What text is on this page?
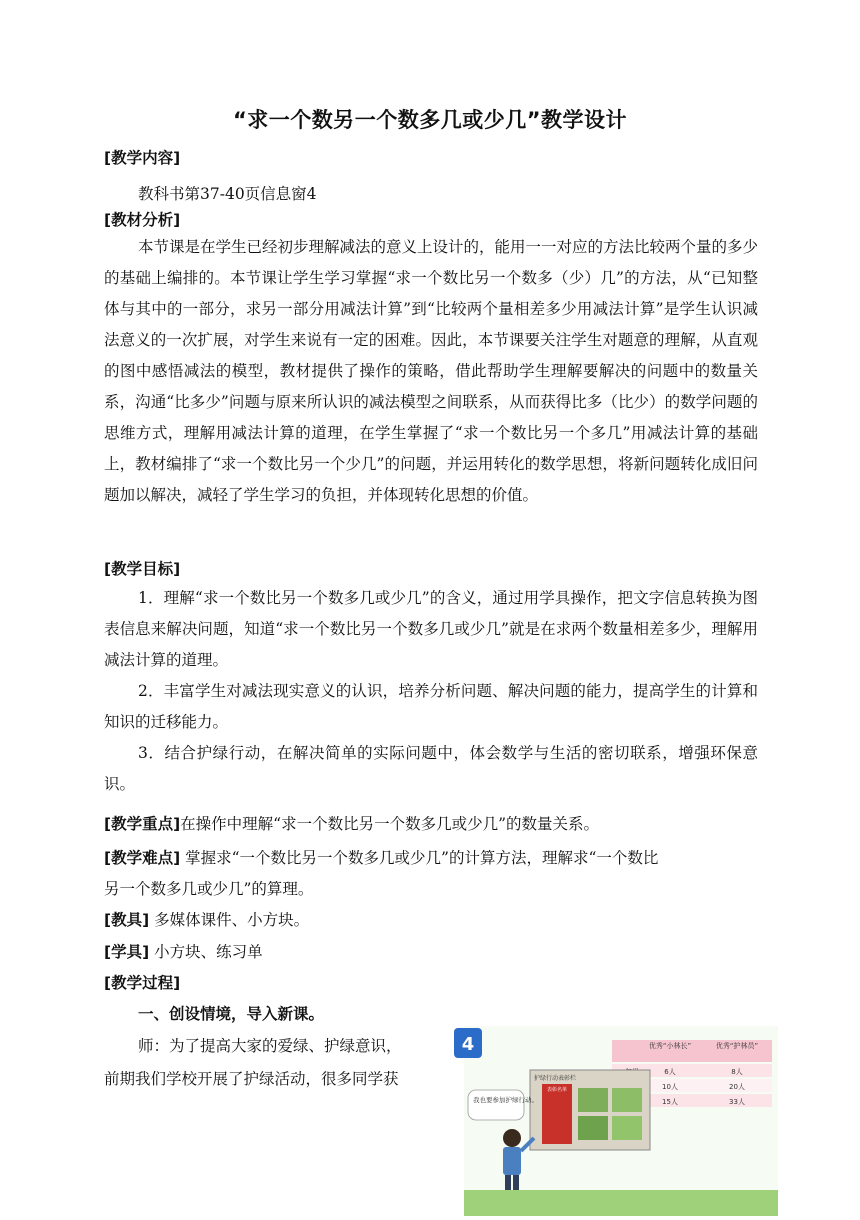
“求一个数另一个数多几或少几”教学设计
[教学内容]
教科书第37-40页信息窗4
[教材分析]
本节课是在学生已经初步理解减法的意义上设计的，能用一一对应的方法比较两个量的多少的基础上编排的。本节课让学生学习掌握“求一个数比另一个数多（少）几”的方法，从“已知整体与其中的一部分，求另一部分用减法计算”到“比较两个量相差多少用减法计算”是学生认识减法意义的一次扩展，对学生来说有一定的困难。因此，本节课要关注学生对题意的理解，从直观的图中感悟减法的模型，教材提供了操作的策略，借此帮助学生理解要解决的问题中的数量关系，沟通“比多少”问题与原来所认识的减法模型之间联系，从而获得比多（比少）的数学问题的思维方式，理解用减法计算的道理，在学生掌握了“求一个数比另一个多几”用减法计算的基础上，教材编排了“求一个数比另一个少几”的问题，并运用转化的数学思想，将新问题转化成旧问题加以解决，减轻了学生学习的负担，并体现转化思想的价值。
[教学目标]
1．理解“求一个数比另一个数多几或少几”的含义，通过用学具操作，把文字信息转换为图表信息来解决问题，知道“求一个数比另一个数多几或少几”就是在求两个数量相差多少，理解用减法计算的道理。
2．丰富学生对减法现实意义的认识，培养分析问题、解决问题的能力，提高学生的计算和知识的迁移能力。
3．结合护绿行动，在解决简单的实际问题中，体会数学与生活的密切联系，增强环保意识。
[教学重点]在操作中理解“求一个数比另一个数多几或少几”的数量关系。
[教学难点] 掌握求“一个数比另一个数多几或少几”的计算方法，理解求“一个数比
另一个数多几或少几”的算理。
[教具] 多媒体课件、小方块。
[学具] 小方块、练习单
[教学过程]
一、创设情境，导入新课。
师：为了提高大家的爱绿、护绿意识，
前期我们学校开展了护绿活动，很多同学获
4	优秀“小林长”	优秀“护林员”
6人	8人
10人	20人
15人	33人
护绿行动表彰栏
表彰名单
我也要参加护绿行动。
